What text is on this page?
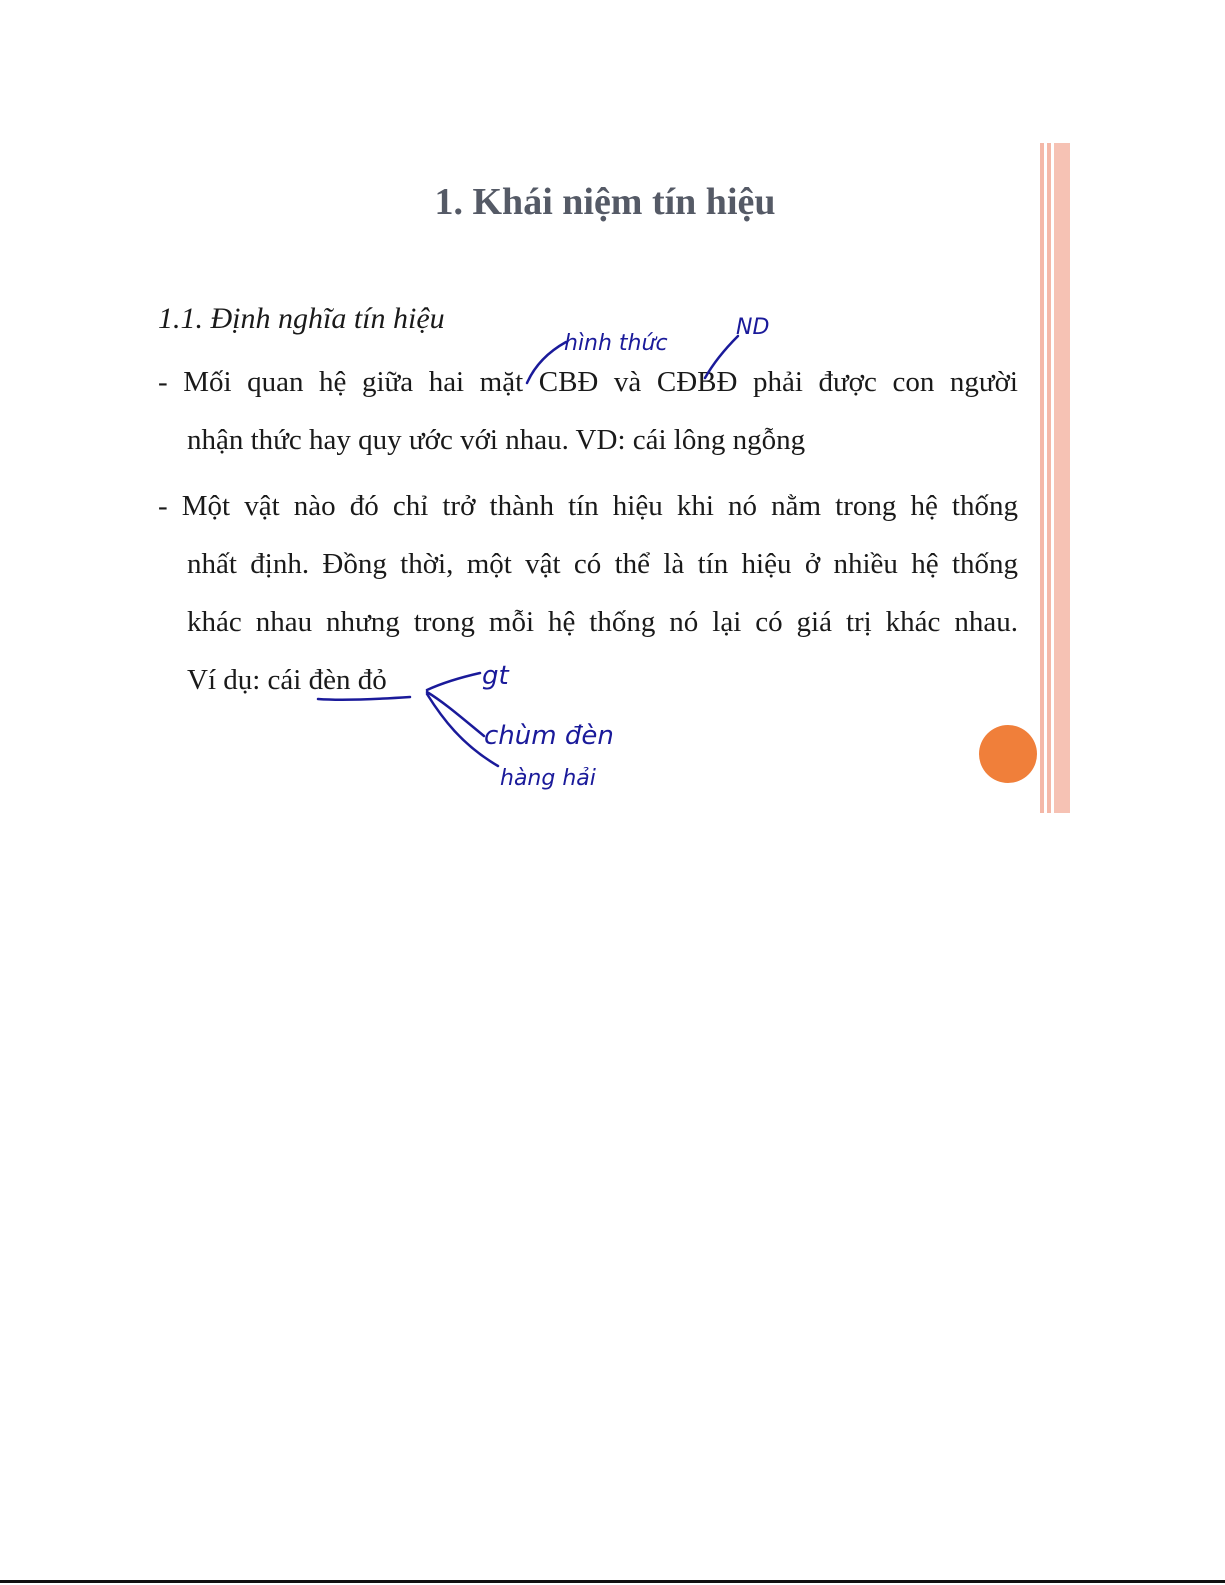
1. Khái niệm tín hiệu

1.1. Định nghĩa tín hiệu

- Mối quan hệ giữa hai mặt CBĐ và CĐBĐ phải được con người

nhận thức hay quy ước với nhau. VD: cái lông ngỗng

- Một vật nào đó chỉ trở thành tín hiệu khi nó nằm trong hệ thống

nhất định. Đồng thời, một vật có thể là tín hiệu ở nhiều hệ thống

khác nhau nhưng trong mỗi hệ thống nó lại có giá trị khác nhau.

Ví dụ: cái đèn đỏ

hình thức
ND
gt
chùm đèn
hàng hải
